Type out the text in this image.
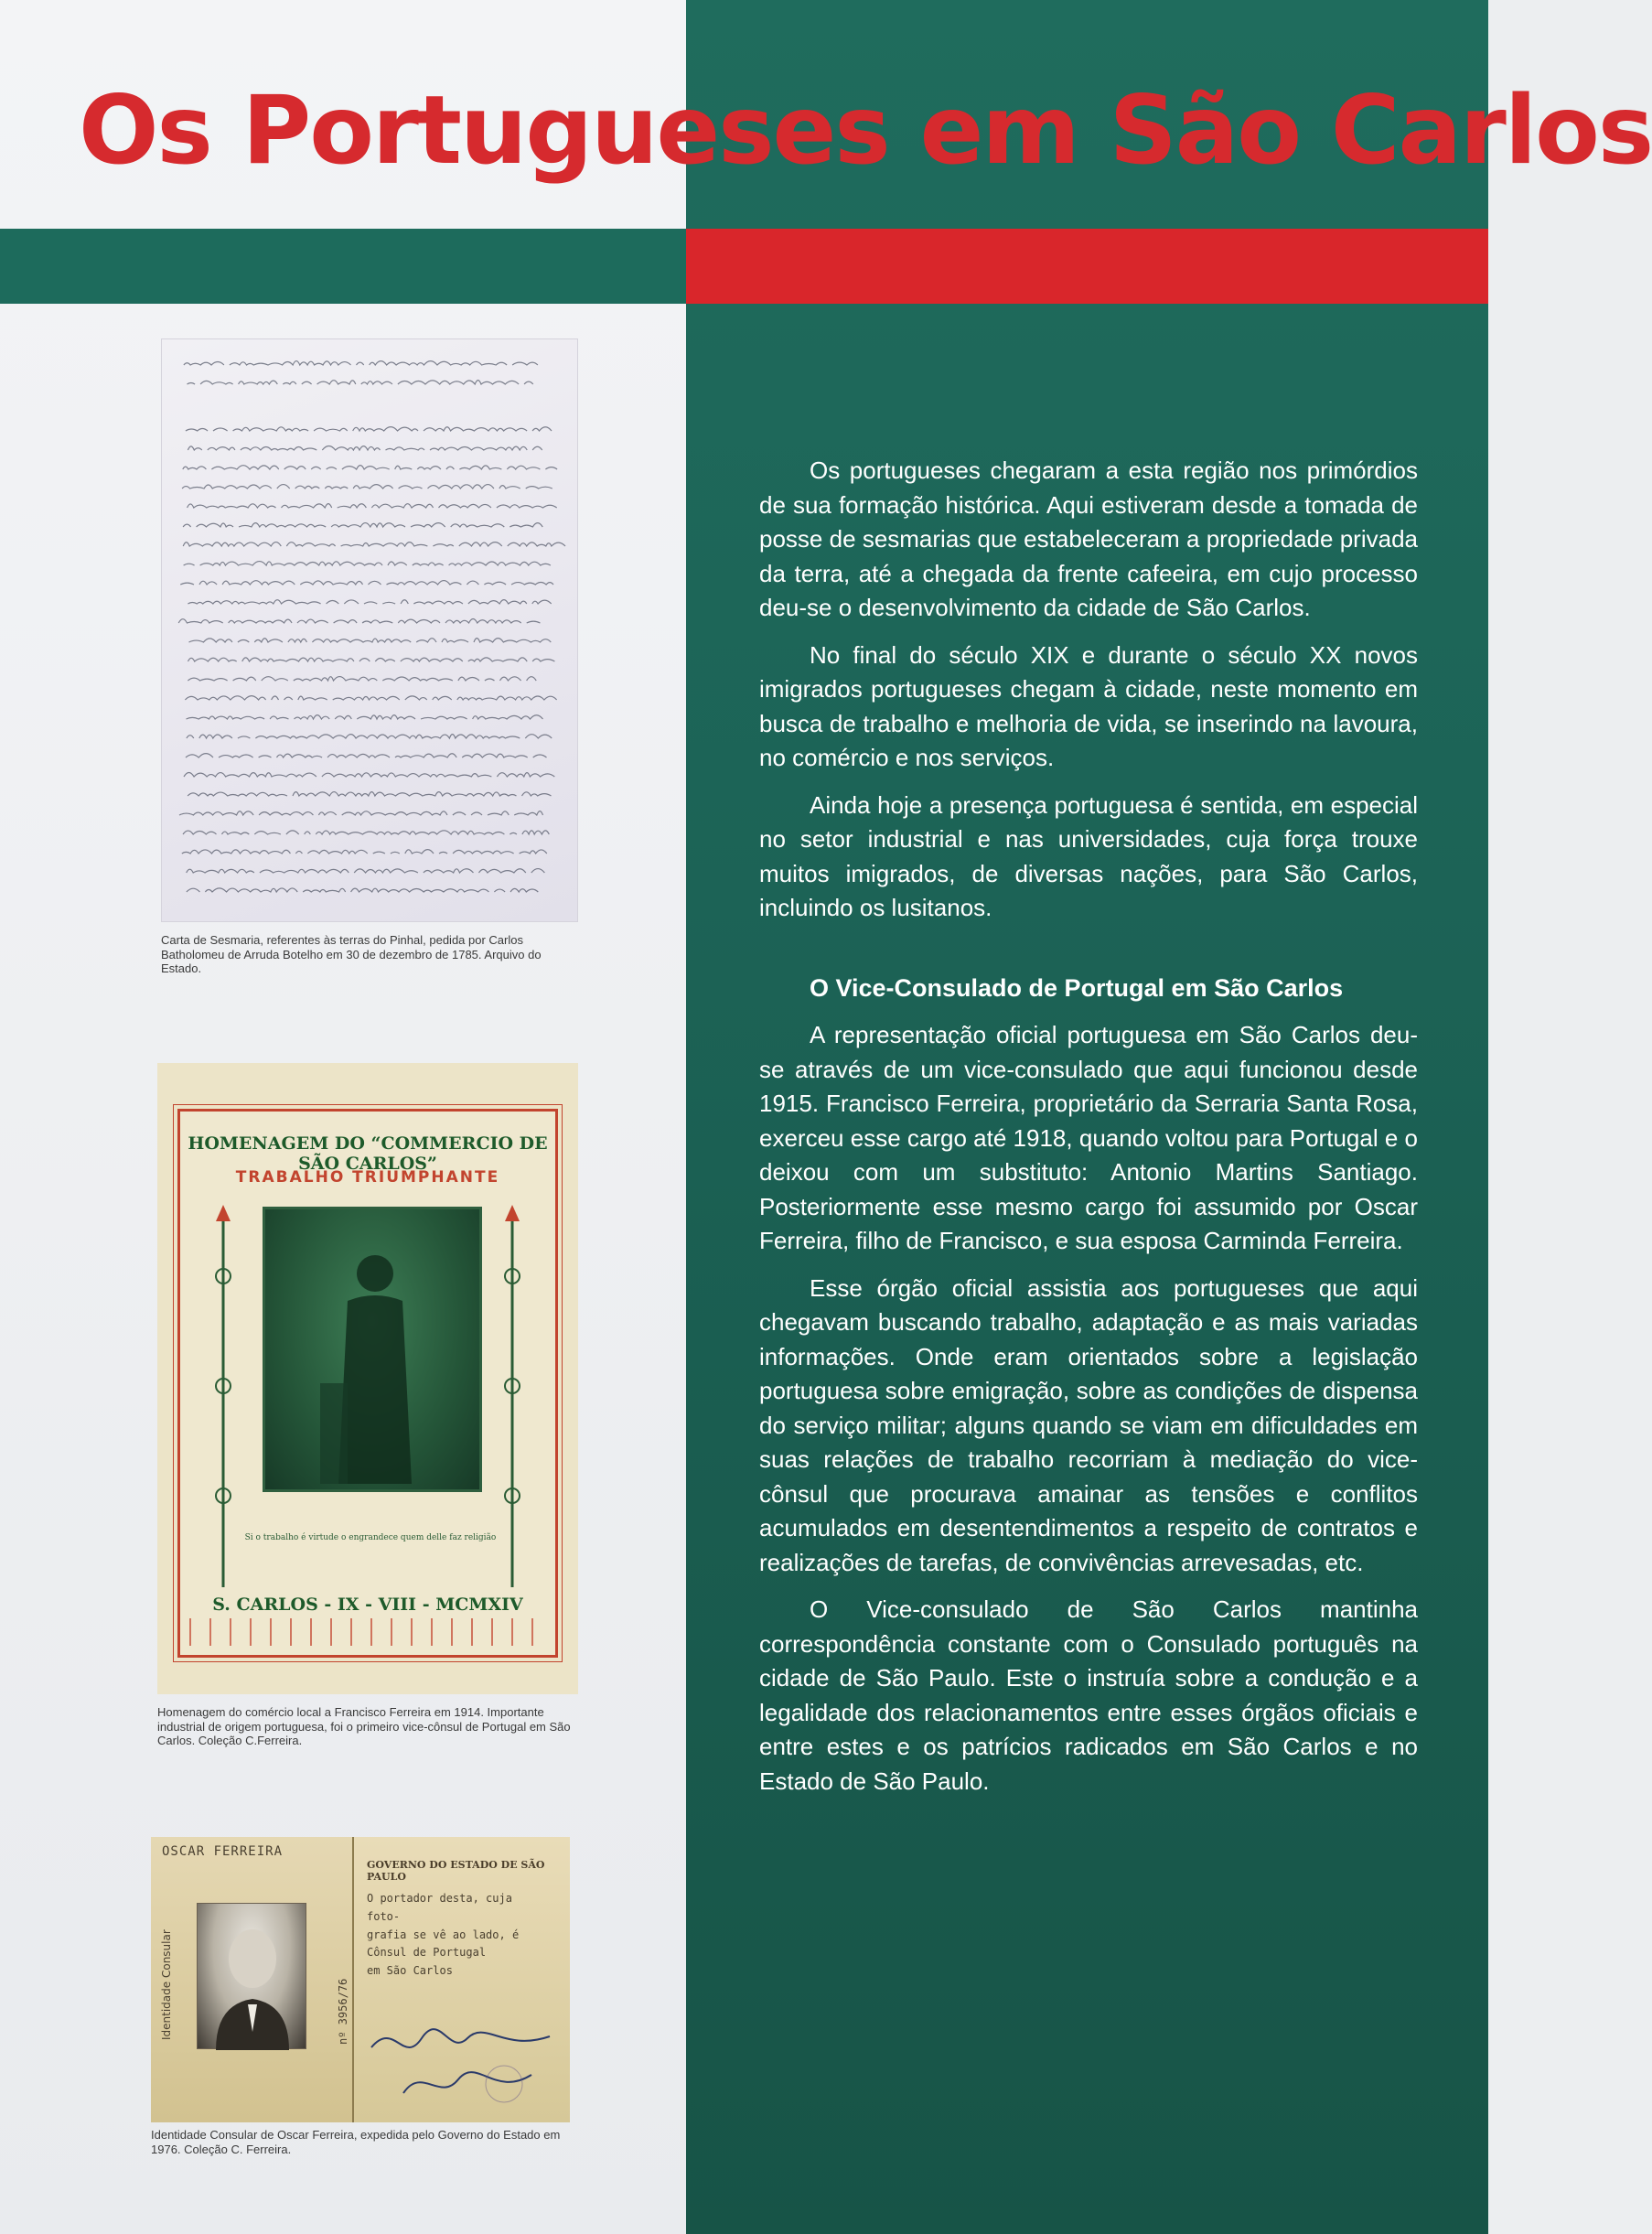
Os Portugueses em São Carlos
Carta de Sesmaria, referentes às terras do Pinhal, pedida por Carlos Batholomeu de Arruda Botelho em 30 de dezembro de 1785. Arquivo do Estado.
HOMENAGEM DO “COMMERCIO DE SÃO CARLOS”
TRABALHO TRIUMPHANTE
Si o trabalho é virtude o engrandece quem delle faz religião
S. CARLOS - IX - VIII - MCMXIV
Homenagem do comércio local a Francisco Ferreira em 1914. Importante industrial de origem portuguesa, foi o primeiro vice-cônsul de Portugal em São Carlos. Coleção C.Ferreira.
OSCAR FERREIRA
Identidade Consular	nº 3956/76
GOVERNO DO ESTADO DE SÃO PAULO
O portador desta, cuja foto-
grafia se vê ao lado, é
Cônsul de Portugal
em São Carlos
Identidade Consular de Oscar Ferreira, expedida pelo Governo do Estado em 1976. Coleção C. Ferreira.

Os portugueses chegaram a esta região nos primórdios de sua formação histórica. Aqui estiveram desde a tomada de posse de sesmarias que estabeleceram a propriedade privada da terra, até a chegada da frente cafeeira, em cujo processo deu-se o desenvolvimento da cidade de São Carlos.

No final do século XIX e durante o século XX novos imigrados portugueses chegam à cidade, neste momento em busca de trabalho e melhoria de vida, se inserindo na lavoura, no comércio e nos serviços.

Ainda hoje a presença portuguesa é sentida, em especial no setor industrial e nas universidades, cuja força trouxe muitos imigrados, de diversas nações, para São Carlos, incluindo os lusitanos.

O Vice-Consulado de Portugal em São Carlos

A representação oficial portuguesa em São Carlos deu-se através de um vice-consulado que aqui funcionou desde 1915. Francisco Ferreira, proprietário da Serraria Santa Rosa, exerceu esse cargo até 1918, quando voltou para Portugal e o deixou com um substituto: Antonio Martins Santiago. Posteriormente esse mesmo cargo foi assumido por Oscar Ferreira, filho de Francisco, e sua esposa Carminda Ferreira.

Esse órgão oficial assistia aos portugueses que aqui chegavam buscando trabalho, adaptação e as mais variadas informações. Onde eram orientados sobre a legislação portuguesa sobre emigração, sobre as condições de dispensa do serviço militar; alguns quando se viam em dificuldades em suas relações de trabalho recorriam à mediação do vice-cônsul que procurava amainar as tensões e conflitos acumulados em desentendimentos a respeito de contratos e realizações de tarefas, de convivências arrevesadas, etc.

O Vice-consulado de São Carlos mantinha correspondência constante com o Consulado português na cidade de São Paulo. Este o instruía sobre a condução e a legalidade dos relacionamentos entre esses órgãos oficiais e entre estes e os patrícios radicados em São Carlos e no Estado de São Paulo.
